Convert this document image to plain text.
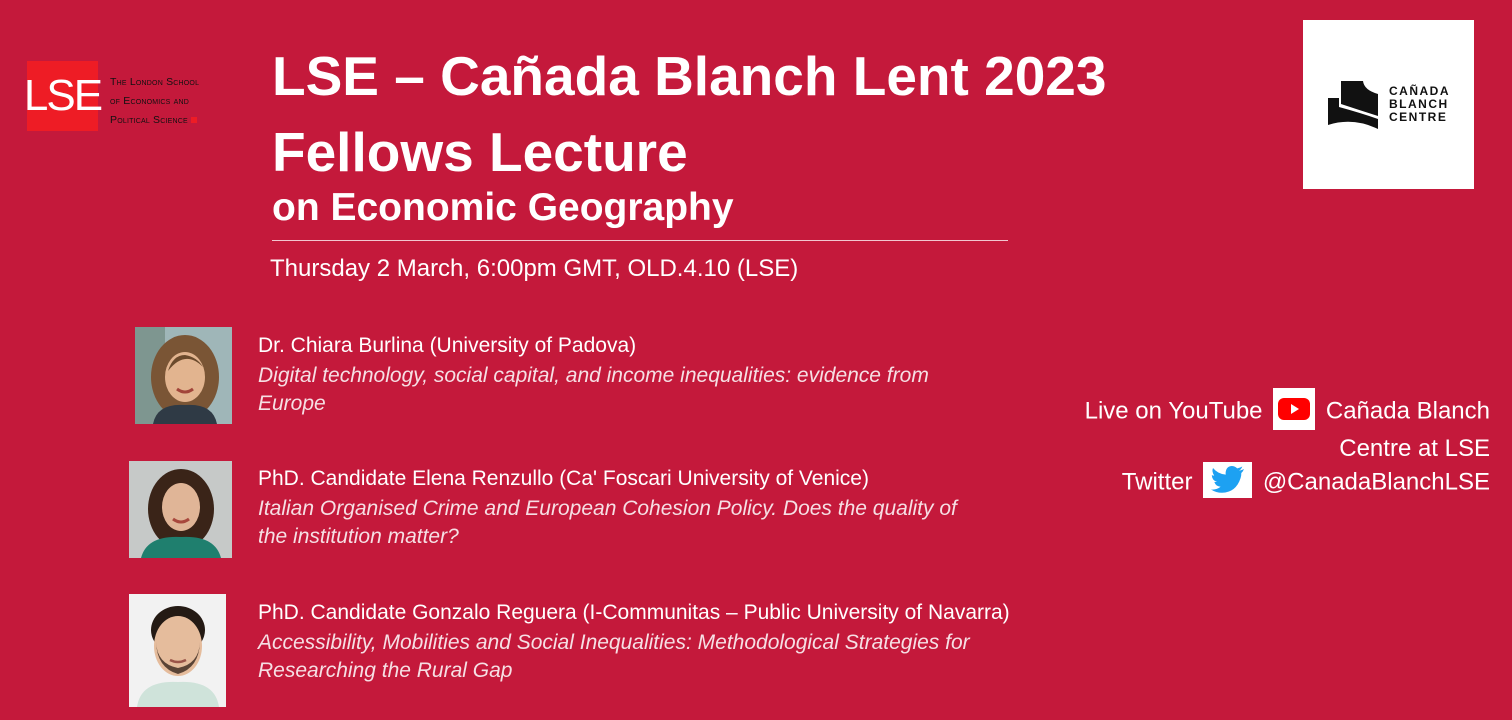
LSE The London School
of Economics and
Political Science
LSE – Cañada Blanch Lent 2023
Fellows Lecture
on Economic Geography
Thursday 2 March, 6:00pm GMT, OLD.4.10 (LSE)
CAÑADA
BLANCH
CENTRE
Dr. Chiara Burlina (University of Padova)
Digital technology, social capital, and income inequalities: evidence from Europe
PhD. Candidate Elena Renzullo (Ca' Foscari University of Venice)
Italian Organised Crime and European Cohesion Policy. Does the quality of the institution matter?
PhD. Candidate Gonzalo Reguera (I-Communitas – Public University of Navarra)
Accessibility, Mobilities and Social Inequalities: Methodological Strategies for Researching the Rural Gap
Live on YouTube	Cañada Blanch
Centre at LSE
Twitter	@CanadaBlanchLSE
